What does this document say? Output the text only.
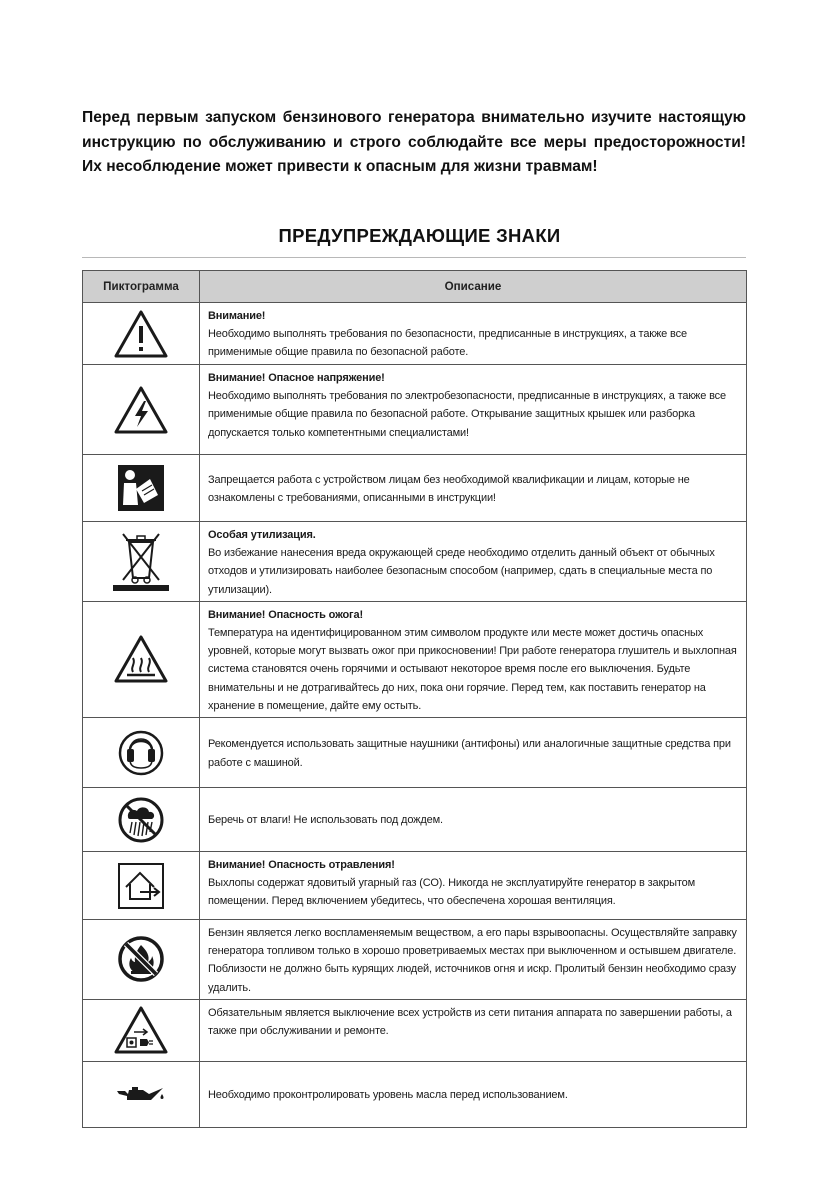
Перед первым запуском бензинового генератора внимательно изучите настоящую инструкцию по обслуживанию и строго соблюдайте все меры предосторожности! Их несоблюдение может привести к опасным для жизни травмам!
ПРЕДУПРЕЖДАЮЩИЕ ЗНАКИ
Пиктограмма	Описание

Внимание!
Необходимо выполнять требования по безопасности, предписанные в инструкциях, а также все применимые общие правила по безопасной работе.

Внимание! Опасное напряжение!
Необходимо выполнять требования по электробезопасности, предписанные в инструкциях, а также все применимые общие правила по безопасной работе. Открывание защитных крышек или разборка допускается только компетентными специалистами!

	Запрещается работа с устройством лицам без необходимой квалификации и лицам, которые не ознакомлены с требованиями, описанными в инструкции!

Особая утилизация.
Во избежание нанесения вреда окружающей среде необходимо отделить данный объект от обычных отходов и утилизировать наиболее безопасным способом (например, сдать в специальные места по утилизации).

Внимание! Опасность ожога!
Температура на идентифицированном этим символом продукте или месте может достичь опасных уровней, которые могут вызвать ожог при прикосновении! При работе генератора глушитель и выхлопная система становятся очень горячими и остывают некоторое время после его выключения. Будьте внимательны и не дотрагивайтесь до них, пока они горячие. Перед тем, как поставить генератор на хранение в помещение, дайте ему остыть.

	Рекомендуется использовать защитные наушники (антифоны) или аналогичные защитные средства при работе с машиной.

	Беречь от влаги! Не использовать под дождем.

Внимание! Опасность отравления!
Выхлопы содержат ядовитый угарный газ (СО). Никогда не эксплуатируйте генератор в закрытом помещении. Перед включением убедитесь, что обеспечена хорошая вентиляция.

	Бензин является легко воспламеняемым веществом, а его пары взрывоопасны. Осуществляйте заправку генератора топливом только в хорошо проветриваемых местах при выключенном и остывшем двигателе. Поблизости не должно быть курящих людей, источников огня и искр. Пролитый бензин необходимо сразу удалить.

	Обязательным является выключение всех устройств из сети питания аппарата по завершении работы, а также при обслуживании и ремонте.

	Необходимо проконтролировать уровень масла перед использованием.
